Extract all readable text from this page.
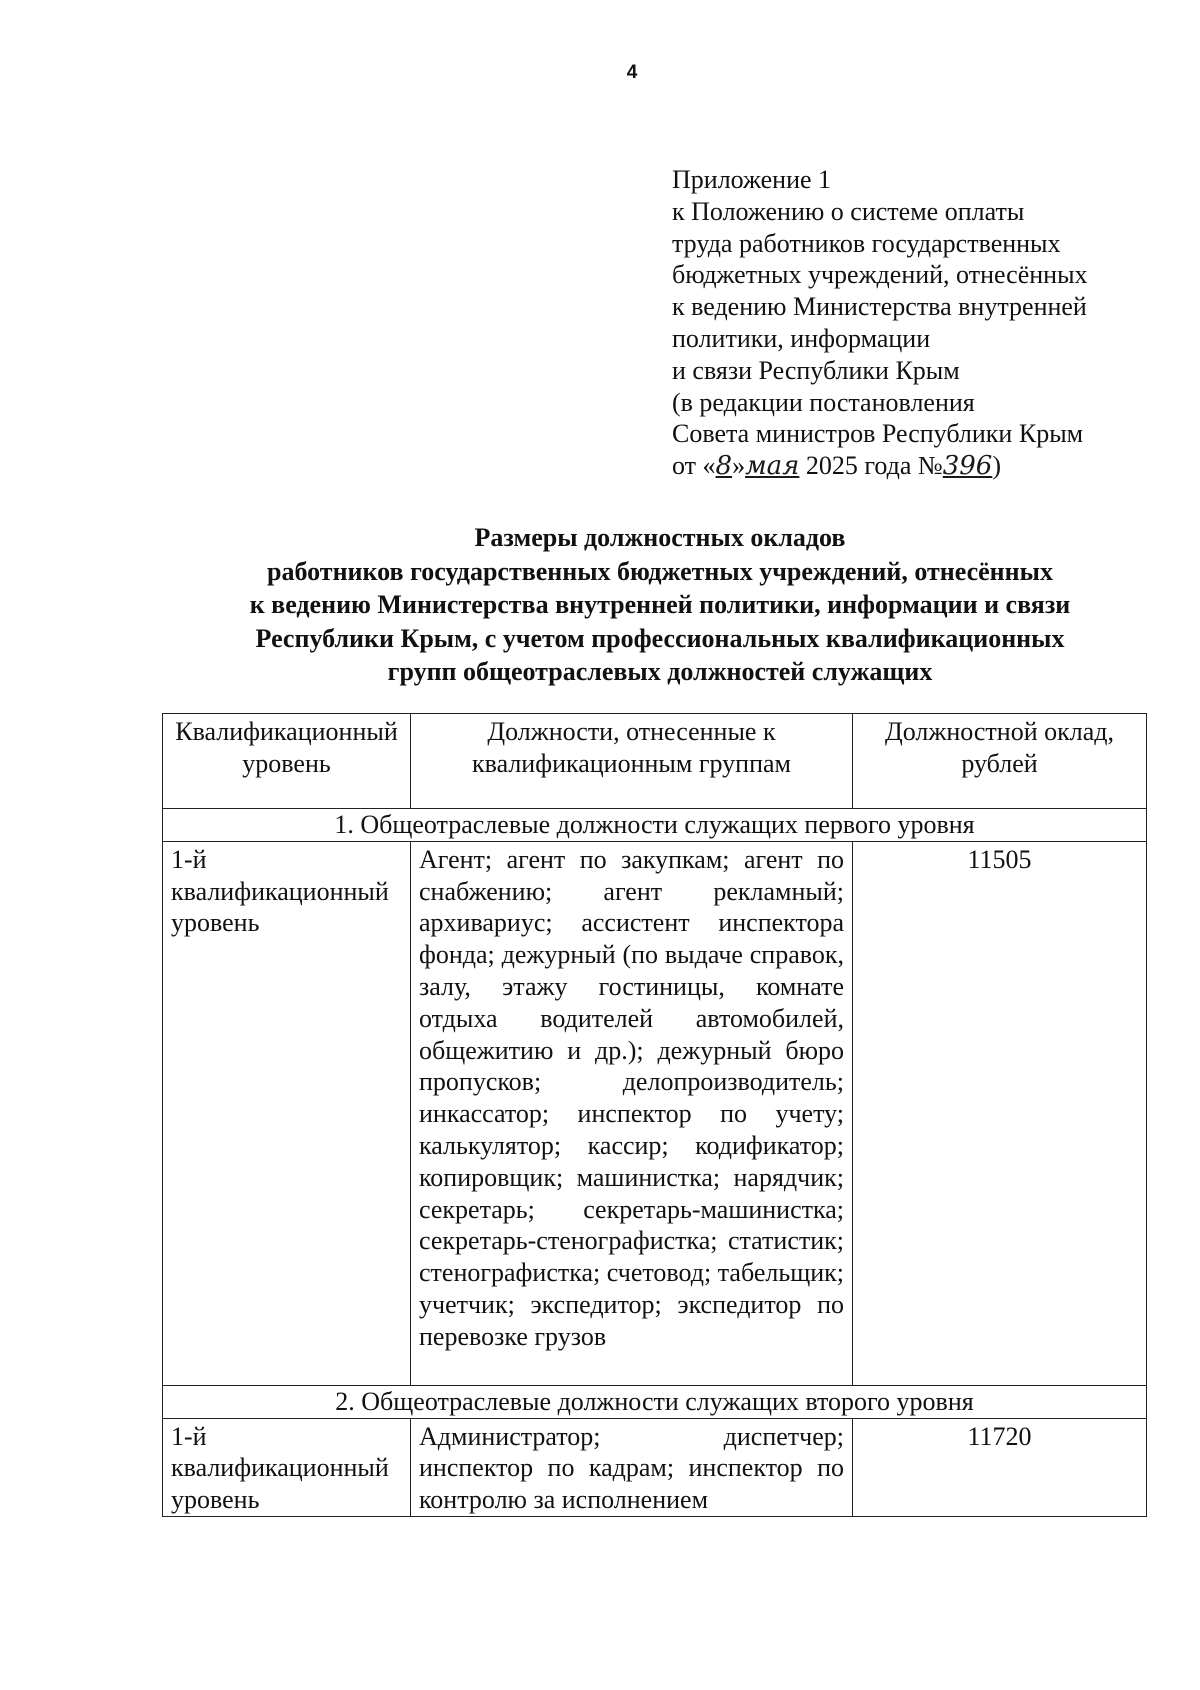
4
Приложение 1
к Положению о системе оплаты
труда работников государственных
бюджетных учреждений, отнесённых
к ведению Министерства внутренней
политики, информации
и связи Республики Крым
(в редакции постановления
Совета министров Республики Крым
от «8»мая 2025 года №396)
Размеры должностных окладов
работников государственных бюджетных учреждений, отнесённых
к ведению Министерства внутренней политики, информации и связи
Республики Крым, с учетом профессиональных квалификационных
групп общеотраслевых должностей служащих
Квалификационный уровень	Должности, отнесенные к квалификационным группам	Должностной оклад, рублей
1. Общеотраслевые должности служащих первого уровня		
1-й квалификационный уровень	Агент; агент по закупкам; агент по снабжению; агент рекламный; архивариус; ассистент инспектора фонда; дежурный (по выдаче справок, залу, этажу гостиницы, комнате отдыха водителей автомобилей, общежитию и др.); дежурный бюро пропусков; делопроизводитель; инкассатор; инспектор по учету; калькулятор; кассир; кодификатор; копировщик; машинистка; нарядчик; секретарь; секретарь-машинистка; секретарь-стенографистка; статистик; стенографистка; счетовод; табельщик; учетчик; экспедитор; экспедитор по перевозке грузов	11505
2. Общеотраслевые должности служащих второго уровня		
1-й квалификационный уровень	Администратор; диспетчер; инспектор по кадрам; инспектор по контролю за исполнением	11720
